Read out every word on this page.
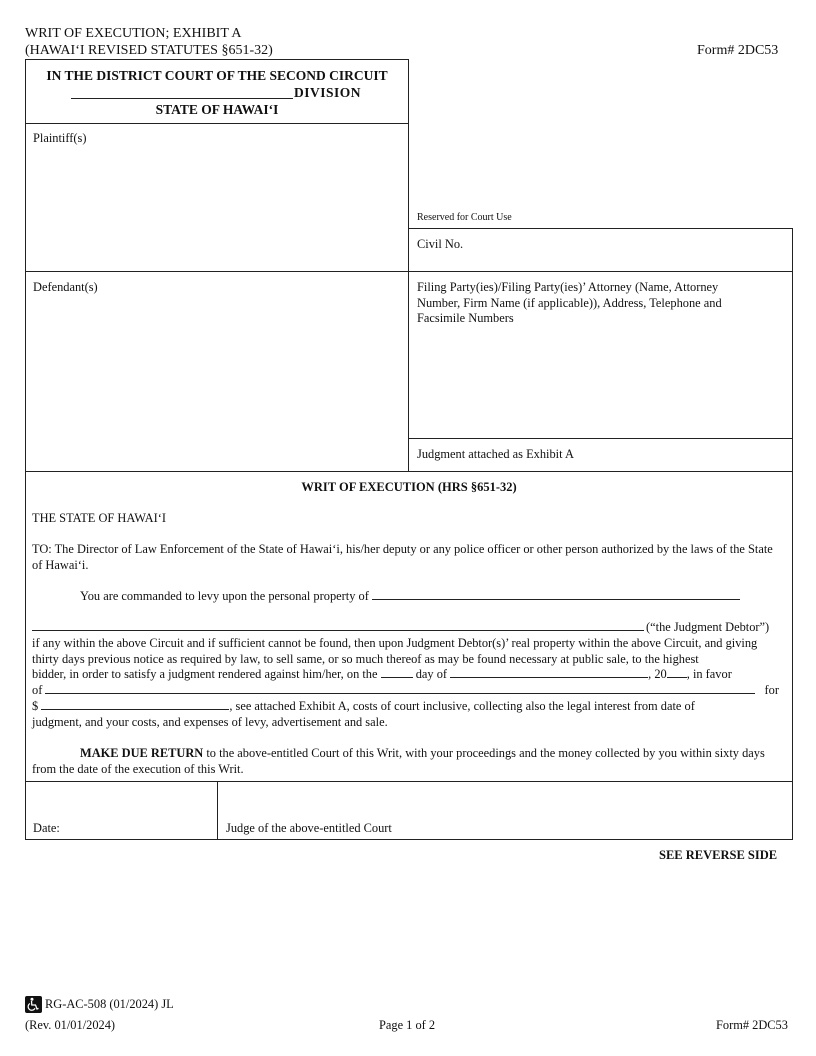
WRIT OF EXECUTION; EXHIBIT A
(HAWAI‘I REVISED STATUTES §651-32)	Form# 2DC53
IN THE DISTRICT COURT OF THE SECOND CIRCUIT
DIVISION
STATE OF HAWAI‘I
Plaintiff(s)
Defendant(s)
Reserved for Court Use
Civil No.
Filing Party(ies)/Filing Party(ies)’ Attorney (Name, Attorney Number, Firm Name (if applicable)), Address, Telephone and Facsimile Numbers
Judgment attached as Exhibit A
WRIT OF EXECUTION (HRS §651-32)
THE STATE OF HAWAI‘I
TO: The Director of Law Enforcement of the State of Hawai‘i, his/her deputy or any police officer or other person authorized by the laws of the State of Hawai‘i.
You are commanded to levy upon the personal property of
(“the Judgment Debtor”)
if any within the above Circuit and if sufficient cannot be found, then upon Judgment Debtor(s)’ real property within the above Circuit, and giving thirty days previous notice as required by law, to sell same, or so much thereof as may be found necessary at public sale, to the highest
bidder, in order to satisfy a judgment rendered against him/her, on the	day of	, 20 , in favor
of	for
$	, see attached Exhibit A, costs of court inclusive, collecting also the legal interest from date of
judgment, and your costs, and expenses of levy, advertisement and sale.
MAKE DUE RETURN to the above-entitled Court of this Writ, with your proceedings and the money collected by you within sixty days from the date of the execution of this Writ.
Date:	Judge of the above-entitled Court
SEE REVERSE SIDE
RG-AC-508 (01/2024) JL
(Rev. 01/01/2024)	Page 1 of 2	Form# 2DC53
